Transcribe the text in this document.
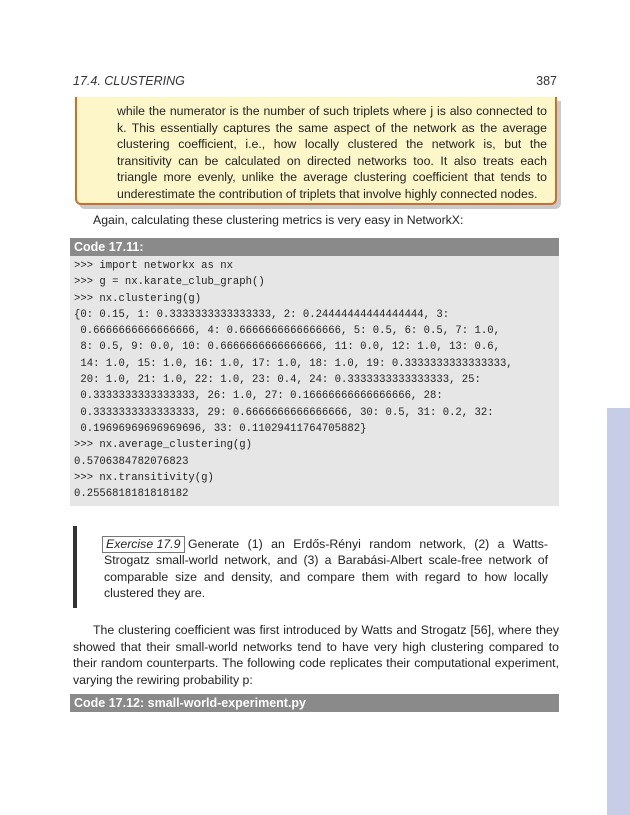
17.4. CLUSTERING	387

while the numerator is the number of such triplets where j is also connected to k. This essentially captures the same aspect of the network as the average clustering coefficient, i.e., how locally clustered the network is, but the transitivity can be calculated on directed networks too. It also treats each triangle more evenly, unlike the average clustering coefficient that tends to underestimate the contribution of triplets that involve highly connected nodes.

Again, calculating these clustering metrics is very easy in NetworkX:

Code 17.11:
>>> import networkx as nx
>>> g = nx.karate_club_graph()
>>> nx.clustering(g)
{0: 0.15, 1: 0.3333333333333333, 2: 0.24444444444444444, 3:
0.6666666666666666, 4: 0.6666666666666666, 5: 0.5, 6: 0.5, 7: 1.0,
8: 0.5, 9: 0.0, 10: 0.6666666666666666, 11: 0.0, 12: 1.0, 13: 0.6,
14: 1.0, 15: 1.0, 16: 1.0, 17: 1.0, 18: 1.0, 19: 0.3333333333333333,
20: 1.0, 21: 1.0, 22: 1.0, 23: 0.4, 24: 0.3333333333333333, 25:
0.3333333333333333, 26: 1.0, 27: 0.16666666666666666, 28:
0.3333333333333333, 29: 0.6666666666666666, 30: 0.5, 31: 0.2, 32:
0.19696969696969696, 33: 0.11029411764705882}
>>> nx.average_clustering(g)
0.5706384782076823
>>> nx.transitivity(g)
0.2556818181818182

Generate (1) an Erdős-Rényi random network, (2) a Watts-Strogatz small-world network, and (3) a Barabási-Albert scale-free network of comparable size and density, and compare them with regard to how locally clustered they are.

Exercise 17.9

The clustering coefficient was first introduced by Watts and Strogatz [56], where they showed that their small-world networks tend to have very high clustering compared to their random counterparts. The following code replicates their computational experiment, varying the rewiring probability p:

Code 17.12: small-world-experiment.py
